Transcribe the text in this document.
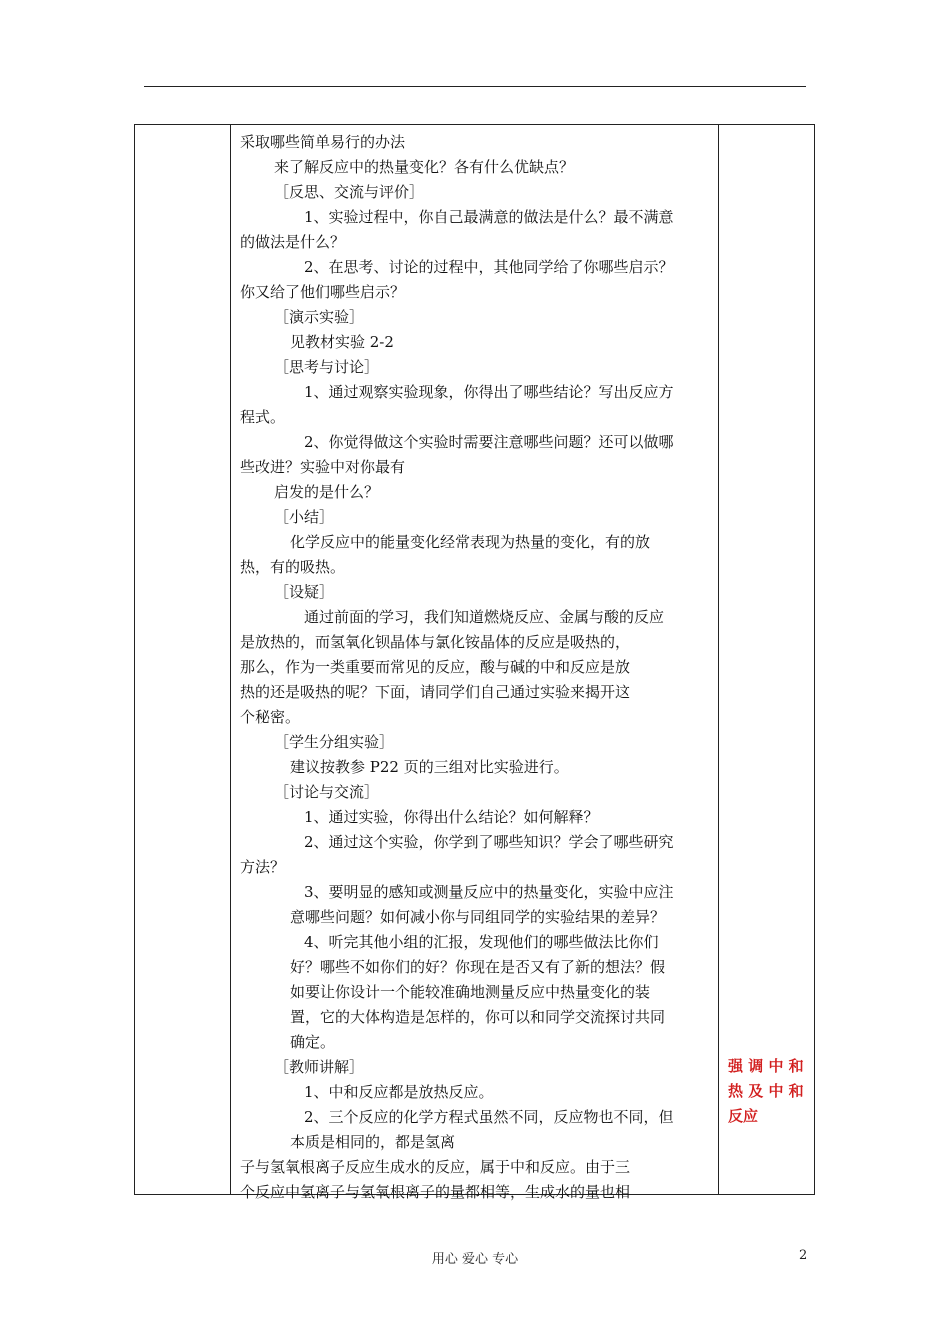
采取哪些简单易行的办法
来了解反应中的热量变化？各有什么优缺点？
［反思、交流与评价］
1、实验过程中，你自己最满意的做法是什么？最不满意
的做法是什么？
2、在思考、讨论的过程中，其他同学给了你哪些启示？
你又给了他们哪些启示？
［演示实验］
见教材实验 2-2
［思考与讨论］
1、通过观察实验现象，你得出了哪些结论？写出反应方
程式。
2、你觉得做这个实验时需要注意哪些问题？还可以做哪
些改进？实验中对你最有
启发的是什么？
［小结］
化学反应中的能量变化经常表现为热量的变化，有的放
热，有的吸热。
［设疑］
通过前面的学习，我们知道燃烧反应、金属与酸的反应
是放热的，而氢氧化钡晶体与氯化铵晶体的反应是吸热的，
那么，作为一类重要而常见的反应，酸与碱的中和反应是放
热的还是吸热的呢？下面，请同学们自己通过实验来揭开这
个秘密。
［学生分组实验］
建议按教参 P22 页的三组对比实验进行。
［讨论与交流］
1、通过实验，你得出什么结论？如何解释？
2、通过这个实验，你学到了哪些知识？学会了哪些研究
方法？
3、要明显的感知或测量反应中的热量变化，实验中应注
意哪些问题？如何减小你与同组同学的实验结果的差异？
4、听完其他小组的汇报，发现他们的哪些做法比你们
好？哪些不如你们的好？你现在是否又有了新的想法？假
如要让你设计一个能较准确地测量反应中热量变化的装
置，它的大体构造是怎样的，你可以和同学交流探讨共同
确定。
［教师讲解］
1、中和反应都是放热反应。
2、三个反应的化学方程式虽然不同，反应物也不同，但
本质是相同的，都是氢离
子与氢氧根离子反应生成水的反应，属于中和反应。由于三
个反应中氢离子与氢氧根离子的量都相等，生成水的量也相
强 调 中 和
热 及 中 和
反应
用心 爱心 专心	2
